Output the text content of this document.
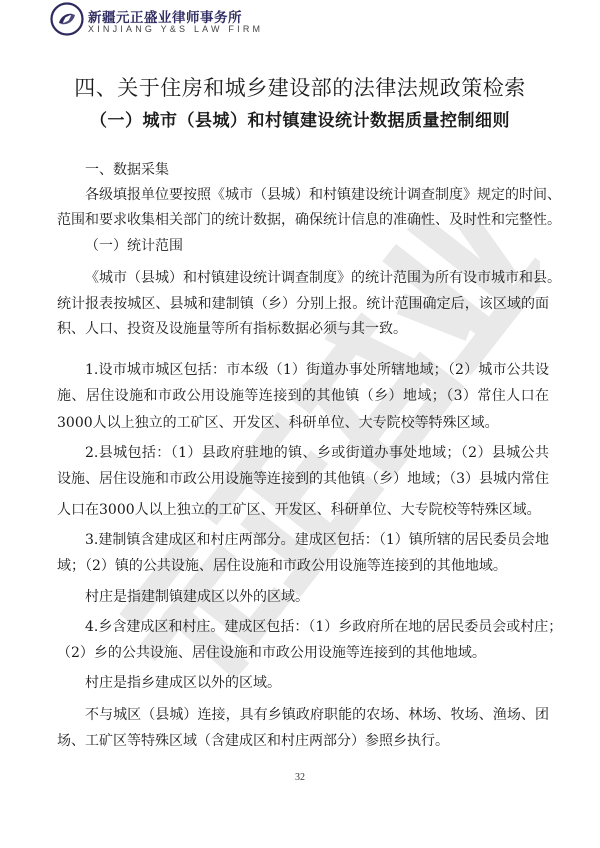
新疆元正盛业律师事务所
XINJIANG Y&S LAW FIRM
四、关于住房和城乡建设部的法律法规政策检索
（一）城市（县城）和村镇建设统计数据质量控制细则
一、数据采集
各级填报单位要按照《城市（县城）和村镇建设统计调查制度》规定的时间、
范围和要求收集相关部门的统计数据，确保统计信息的准确性、及时性和完整性。
（一）统计范围
《城市（县城）和村镇建设统计调查制度》的统计范围为所有设市城市和县。
统计报表按城区、县城和建制镇（乡）分别上报。统计范围确定后，该区域的面
积、人口、投资及设施量等所有指标数据必须与其一致。
1.设市城市城区包括：市本级（1）街道办事处所辖地域；（2）城市公共设
施、居住设施和市政公用设施等连接到的其他镇（乡）地域；（3）常住人口在
3000人以上独立的工矿区、开发区、科研单位、大专院校等特殊区域。
2.县城包括：（1）县政府驻地的镇、乡或街道办事处地域；（2）县城公共
设施、居住设施和市政公用设施等连接到的其他镇（乡）地域；（3）县城内常住
人口在3000人以上独立的工矿区、开发区、科研单位、大专院校等特殊区域。
3.建制镇含建成区和村庄两部分。建成区包括：（1）镇所辖的居民委员会地
域；（2）镇的公共设施、居住设施和市政公用设施等连接到的其他地域。
村庄是指建制镇建成区以外的区域。
4.乡含建成区和村庄。建成区包括：（1）乡政府所在地的居民委员会或村庄；
（2）乡的公共设施、居住设施和市政公用设施等连接到的其他地域。
村庄是指乡建成区以外的区域。
不与城区（县城）连接，具有乡镇政府职能的农场、林场、牧场、渔场、团
场、工矿区等特殊区域（含建成区和村庄两部分）参照乡执行。
32
